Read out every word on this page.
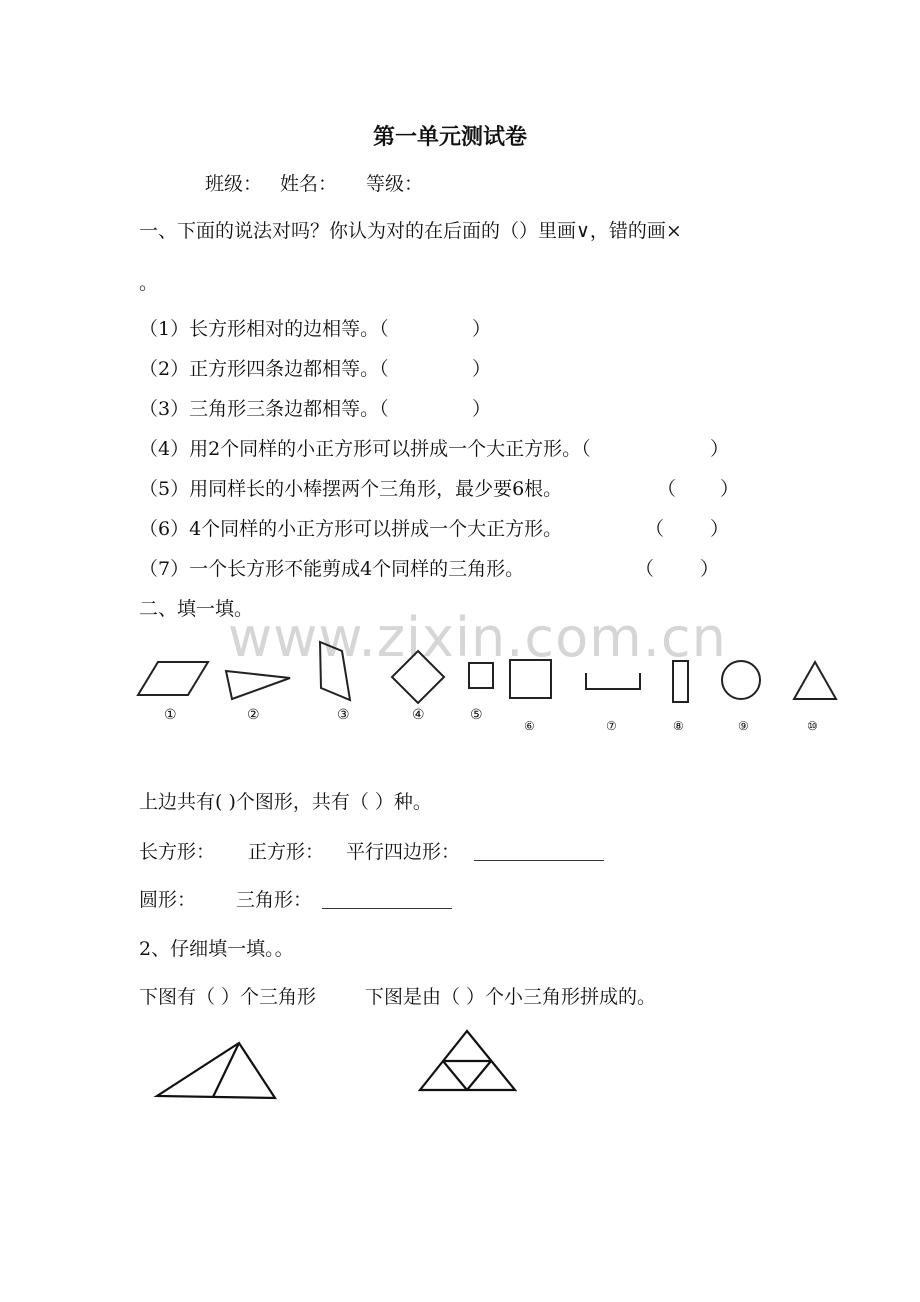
www.zixin.com.cn
第一单元测试卷
班级： 姓名： 等级：
一、下面的说法对吗？你认为对的在后面的（）里画∨，错的画×
。
（1）长方形相对的边相等。（	）
（2）正方形四条边都相等。（	）
（3）三角形三条边都相等。（	）
（4）用2个同样的小正方形可以拼成一个大正方形。（	）
（5）用同样长的小棒摆两个三角形，最少要6根。	（ ）
（6）4个同样的小正方形可以拼成一个大正方形。	（ ）
（7）一个长方形不能剪成4个同样的三角形。	（ ）
二、填一填。
①	②	③	④	⑤
⑥	⑦	⑧	⑨	⑩
上边共有( )个图形，共有（ ）种。
长方形： 正方形： 平行四边形：
圆形： 三角形：
2、仔细填一填。。
下图有（ ）个三角形	下图是由（ ）个小三角形拼成的。
